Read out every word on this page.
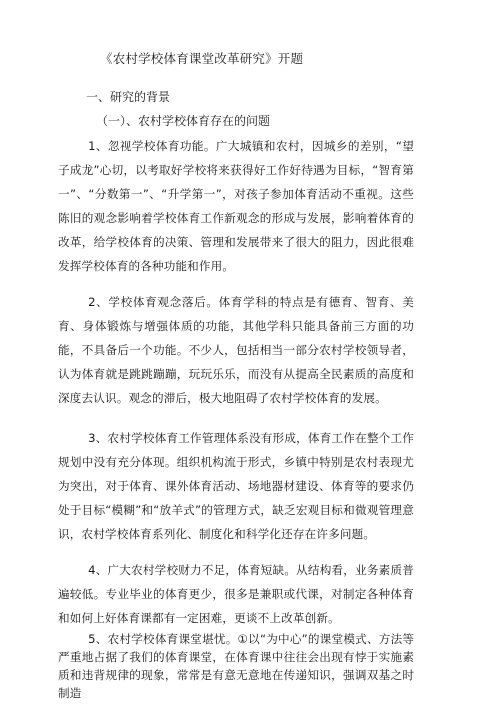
《农村学校体育课堂改革研究》开题
一、研究的背景
（一）、农村学校体育存在的问题
1、忽视学校体育功能。广大城镇和农村，因城乡的差别，“望子成龙”心切，以考取好学校将来获得好工作好待遇为目标，“智育第一”、“分数第一”、“升学第一”，对孩子参加体育活动不重视。这些陈旧的观念影响着学校体育工作新观念的形成与发展，影响着体育的改革，给学校体育的决策、管理和发展带来了很大的阻力，因此很难发挥学校体育的各种功能和作用。
2、学校体育观念落后。体育学科的特点是有德育、智育、美育、身体锻炼与增强体质的功能，其他学科只能具备前三方面的功能，不具备后一个功能。不少人，包括相当一部分农村学校领导者，认为体育就是跳跳蹦蹦，玩玩乐乐，而没有从提高全民素质的高度和深度去认识。观念的滞后，极大地阻碍了农村学校体育的发展。
3、农村学校体育工作管理体系没有形成，体育工作在整个工作规划中没有充分体现。组织机构流于形式，乡镇中特别是农村表现尤为突出，对于体育、课外体育活动、场地器材建设、体育等的要求仍处于目标“模糊”和“放羊式”的管理方式，缺乏宏观目标和微观管理意识，农村学校体育系列化、制度化和科学化还存在许多问题。
4、广大农村学校财力不足，体育短缺。从结构看，业务素质普遍较低。专业毕业的体育更少，很多是兼职或代课，对制定各种体育和如何上好体育课都有一定困难，更谈不上改革创新。
5、农村学校体育课堂堪忧。①以“为中心”的课堂模式、方法等严重地占据了我们的体育课堂，在体育课中往往会出现有悖于实施素质和违背规律的现象，常常是有意无意地在传递知识，强调双基之时制造
